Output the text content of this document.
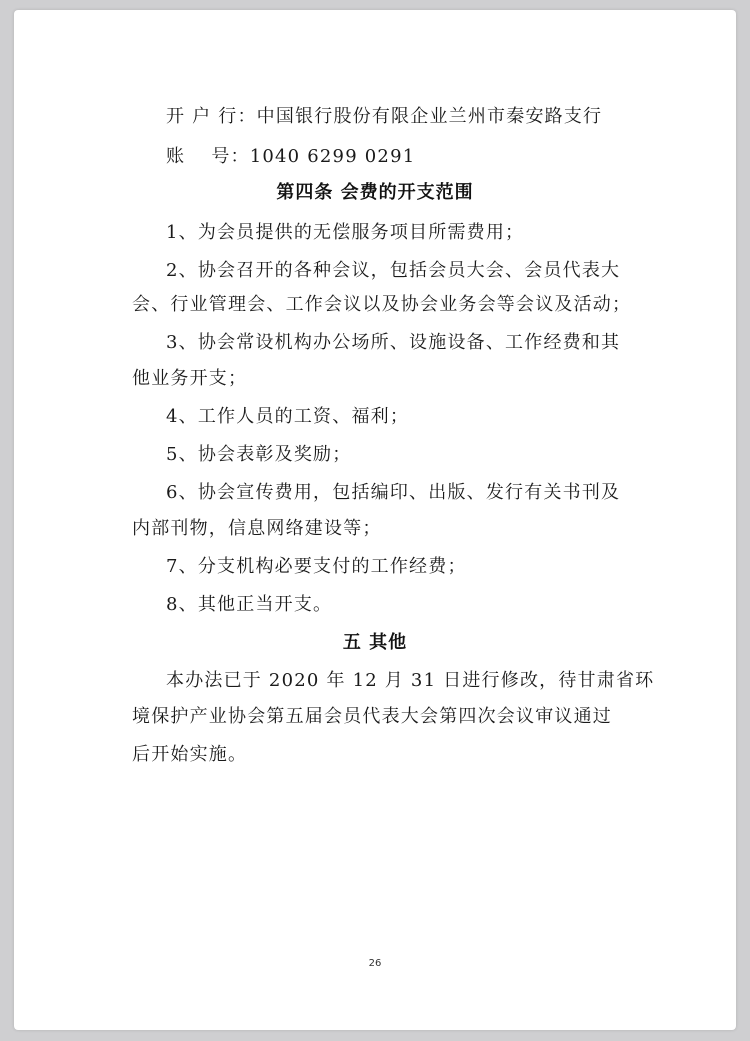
开 户 行：中国银行股份有限企业兰州市秦安路支行
账　 号：1040 6299 0291
第四条 会费的开支范围
1、为会员提供的无偿服务项目所需费用；
2、协会召开的各种会议，包括会员大会、会员代表大
会、行业管理会、工作会议以及协会业务会等会议及活动；
3、协会常设机构办公场所、设施设备、工作经费和其
他业务开支；
4、工作人员的工资、福利；
5、协会表彰及奖励；
6、协会宣传费用，包括编印、出版、发行有关书刊及
内部刊物，信息网络建设等；
7、分支机构必要支付的工作经费；
8、其他正当开支。
五 其他
本办法已于 2020 年 12 月 31 日进行修改，待甘肃省环
境保护产业协会第五届会员代表大会第四次会议审议通过
后开始实施。
26
